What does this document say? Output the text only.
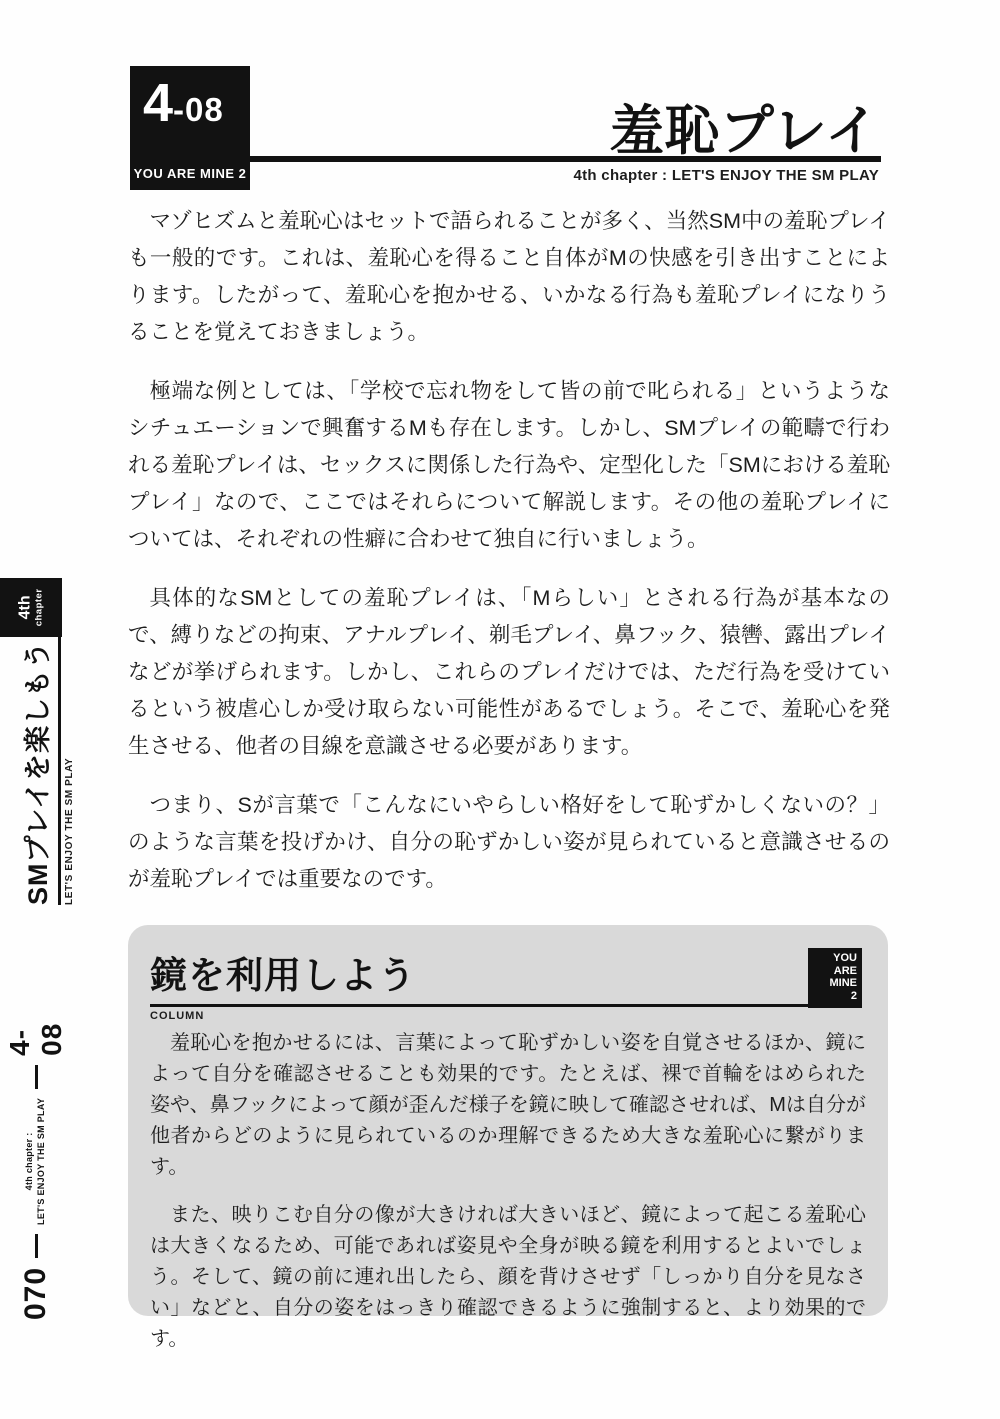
4-08
YOU ARE MINE 2
羞恥プレイ
4th chapter : LET'S ENJOY THE SM PLAY

マゾヒズムと羞恥心はセットで語られることが多く、当然SM中の羞恥プレイも一般的です。これは、羞恥心を得ること自体がMの快感を引き出すことによります。したがって、羞恥心を抱かせる、いかなる行為も羞恥プレイになりうることを覚えておきましょう。

極端な例としては、「学校で忘れ物をして皆の前で叱られる」というようなシチュエーションで興奮するMも存在します。しかし、SMプレイの範疇で行われる羞恥プレイは、セックスに関係した行為や、定型化した「SMにおける羞恥プレイ」なので、ここではそれらについて解説します。その他の羞恥プレイについては、それぞれの性癖に合わせて独自に行いましょう。

具体的なSMとしての羞恥プレイは、「Mらしい」とされる行為が基本なので、縛りなどの拘束、アナルプレイ、剃毛プレイ、鼻フック、猿轡、露出プレイなどが挙げられます。しかし、これらのプレイだけでは、ただ行為を受けているという被虐心しか受け取らない可能性があるでしょう。そこで、羞恥心を発生させる、他者の目線を意識させる必要があります。

つまり、Sが言葉で「こんなにいやらしい格好をして恥ずかしくないの？」のような言葉を投げかけ、自分の恥ずかしい姿が見られていると意識させるのが羞恥プレイでは重要なのです。

4th chapter
SMプレイを楽しもう	LET'S ENJOY THE SM PLAY
070
4th chapter : LET'S ENJOY THE SM PLAY
4-08
鏡を利用しよう
COLUMN
YOU
ARE
MINE
2

羞恥心を抱かせるには、言葉によって恥ずかしい姿を自覚させるほか、鏡によって自分を確認させることも効果的です。たとえば、裸で首輪をはめられた姿や、鼻フックによって顔が歪んだ様子を鏡に映して確認させれば、Mは自分が他者からどのように見られているのか理解できるため大きな羞恥心に繋がります。

また、映りこむ自分の像が大きければ大きいほど、鏡によって起こる羞恥心は大きくなるため、可能であれば姿見や全身が映る鏡を利用するとよいでしょう。そして、鏡の前に連れ出したら、顔を背けさせず「しっかり自分を見なさい」などと、自分の姿をはっきり確認できるように強制すると、より効果的です。
